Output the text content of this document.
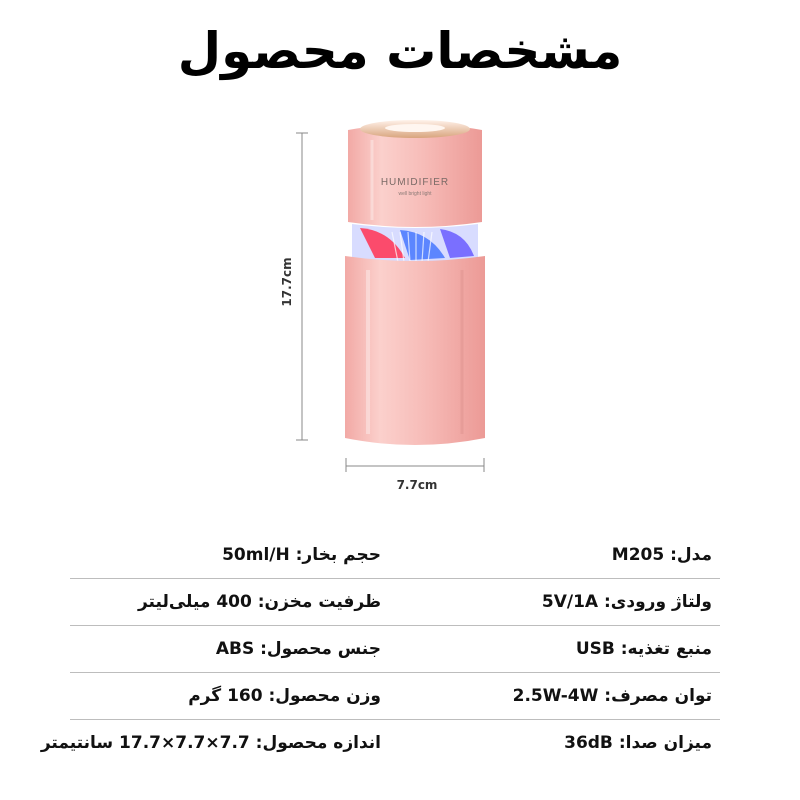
مشخصات محصول
HUMIDIFIER
well bright light
17.7cm
7.7cm
مدل: M205
حجم بخار: 50ml/H
ولتاژ ورودی: 5V/1A
ظرفیت مخزن: 400 میلی‌لیتر
منبع تغذیه: USB
جنس محصول: ABS
توان مصرف: 2.5W-4W
وزن محصول: 160 گرم
میزان صدا: 36dB
اندازه محصول: 7.7×7.7×17.7 سانتیمتر
